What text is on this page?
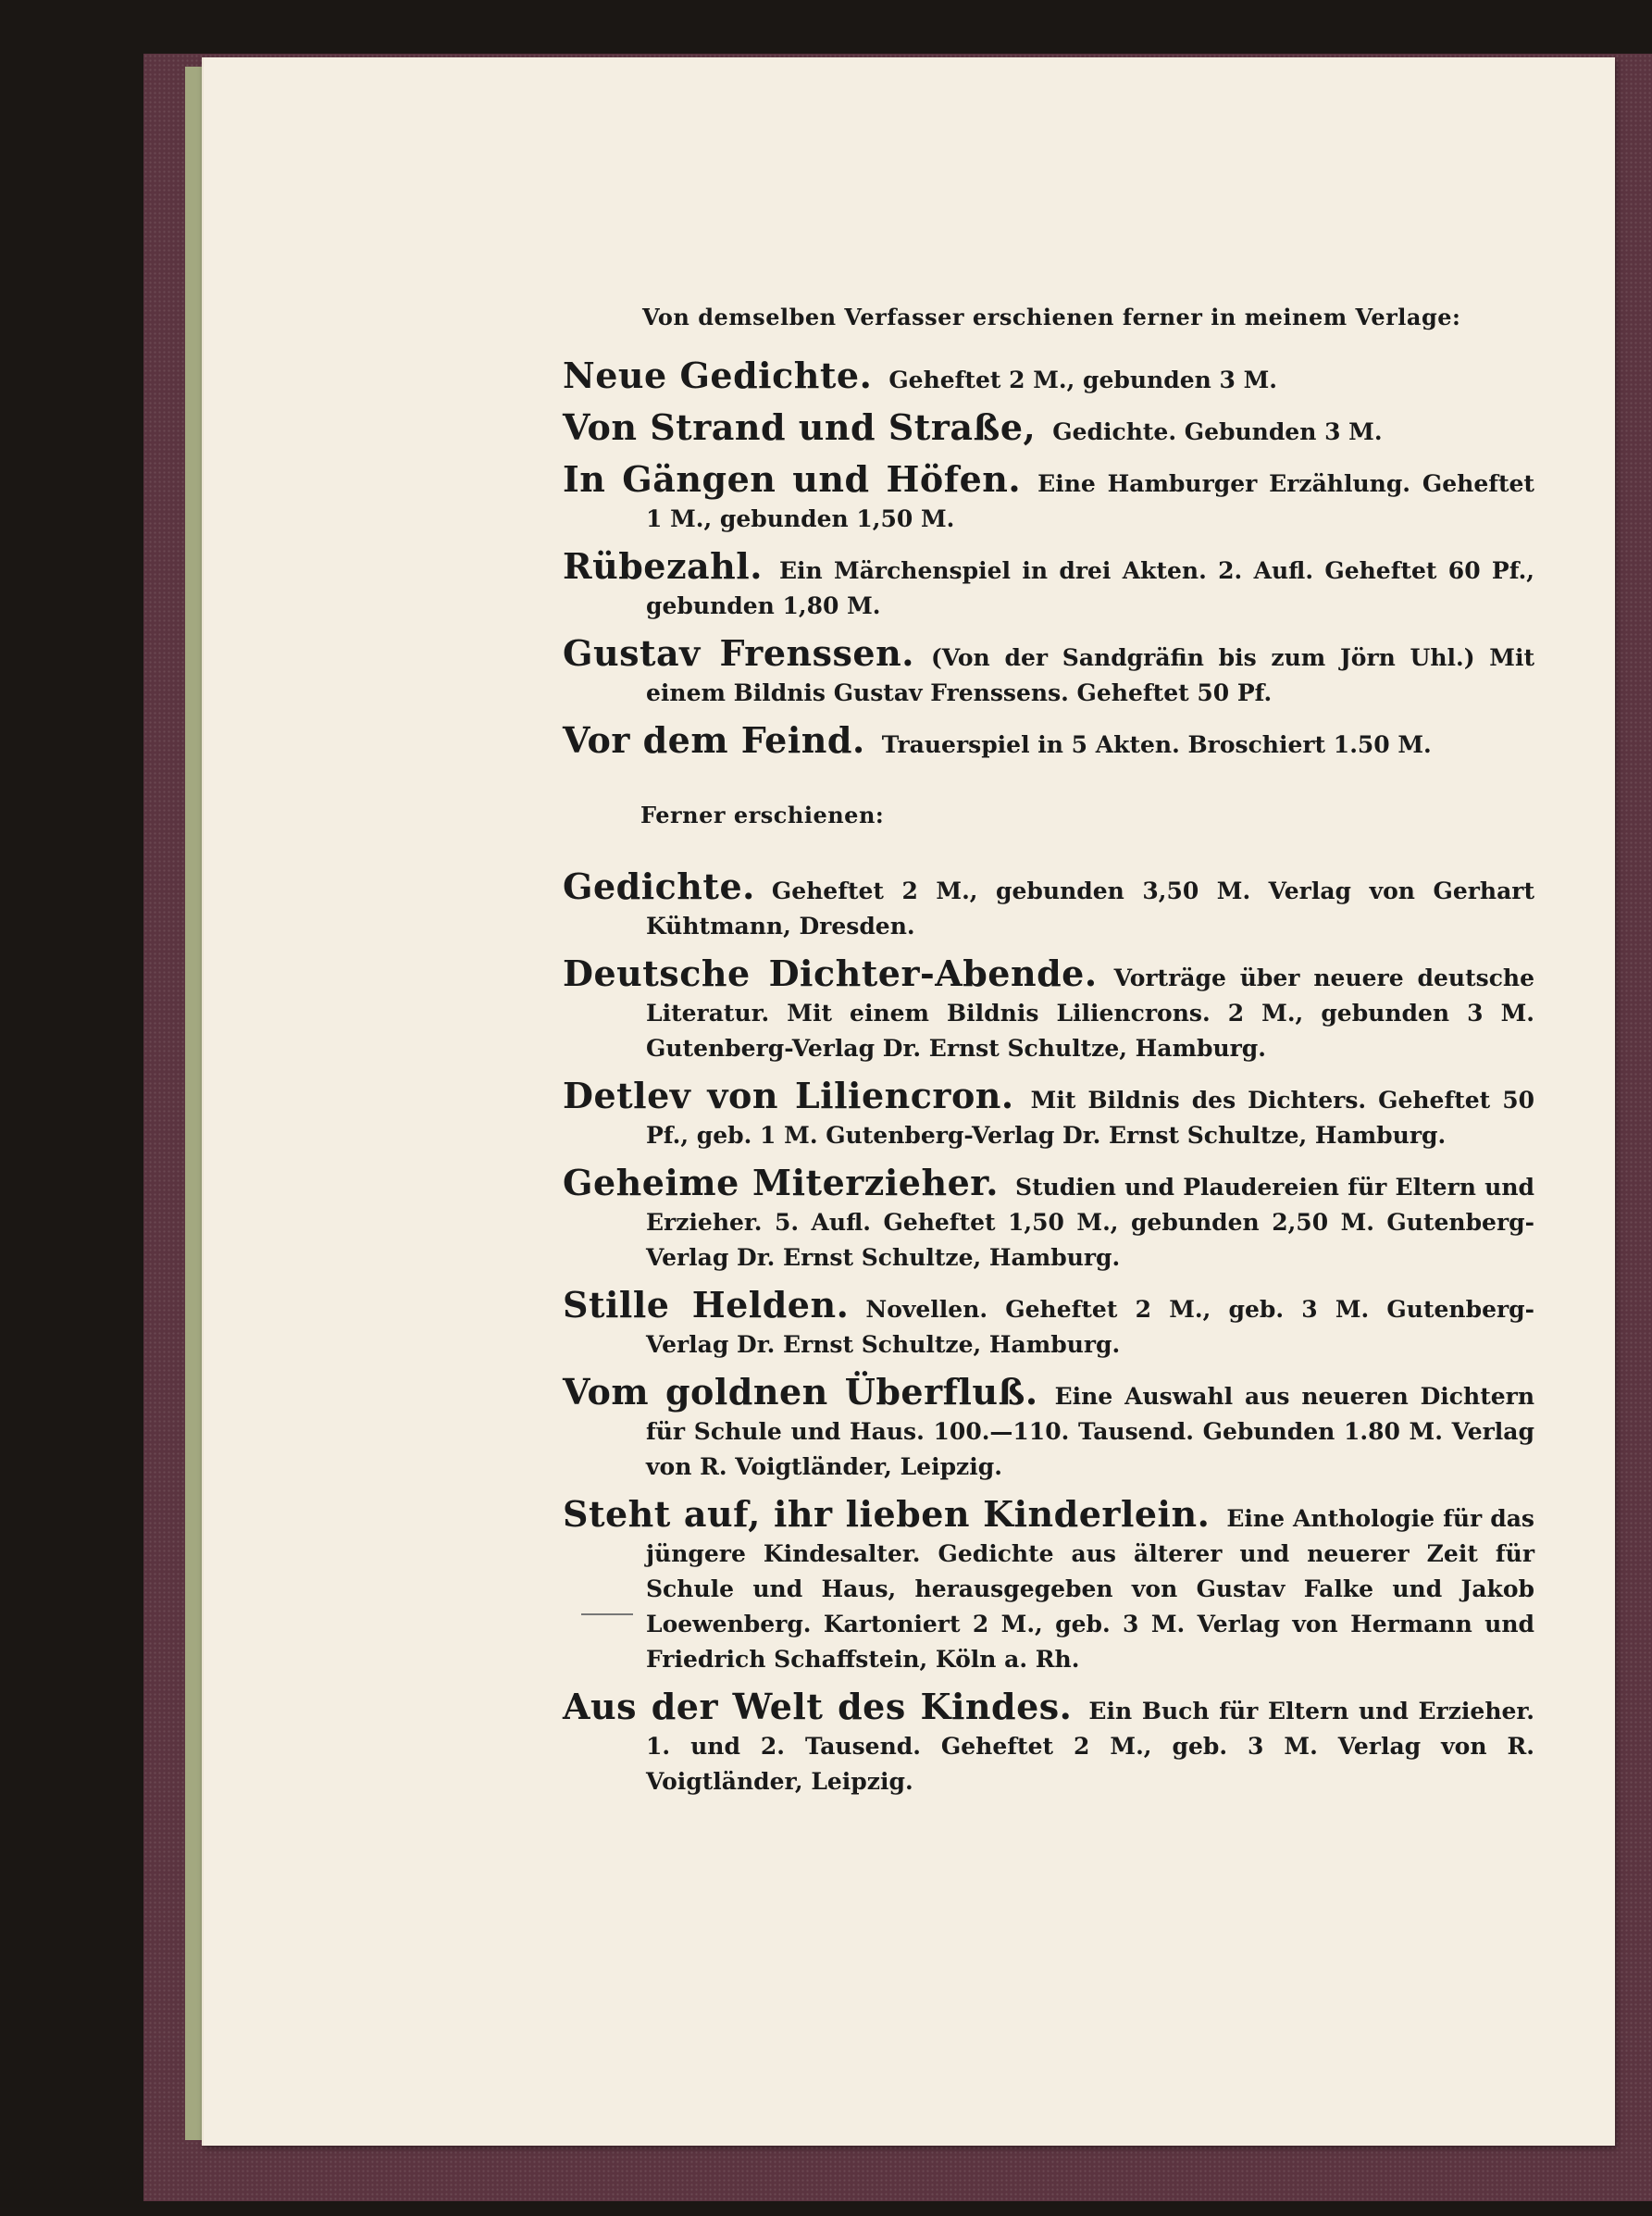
Von demselben Verfasser erschienen ferner in meinem Verlage:
Neue Gedichte. Geheftet 2 M., gebunden 3 M.
Von Strand und Straße, Gedichte. Gebunden 3 M.
In Gängen und Höfen. Eine Hamburger Erzählung. Geheftet 1 M., gebunden 1,50 M.
Rübezahl. Ein Märchenspiel in drei Akten. 2. Aufl. Geheftet 60 Pf., gebunden 1,80 M.
Gustav Frenssen. (Von der Sandgräfin bis zum Jörn Uhl.) Mit einem Bildnis Gustav Frenssens. Geheftet 50 Pf.
Vor dem Feind. Trauerspiel in 5 Akten. Broschiert 1.50 M.
Ferner erschienen:
Gedichte. Geheftet 2 M., gebunden 3,50 M. Verlag von Gerhart Kühtmann, Dresden.
Deutsche Dichter-Abende. Vorträge über neuere deutsche Literatur. Mit einem Bildnis Liliencrons. 2 M., gebunden 3 M. Gutenberg-Verlag Dr. Ernst Schultze, Hamburg.
Detlev von Liliencron. Mit Bildnis des Dichters. Geheftet 50 Pf., geb. 1 M. Gutenberg-Verlag Dr. Ernst Schultze, Hamburg.
Geheime Miterzieher. Studien und Plaudereien für Eltern und Erzieher. 5. Aufl. Geheftet 1,50 M., gebunden 2,50 M. Gutenberg-Verlag Dr. Ernst Schultze, Hamburg.
Stille Helden. Novellen. Geheftet 2 M., geb. 3 M. Gutenberg-Verlag Dr. Ernst Schultze, Hamburg.
Vom goldnen Überfluß. Eine Auswahl aus neueren Dichtern für Schule und Haus. 100.—110. Tausend. Gebunden 1.80 M. Verlag von R. Voigtländer, Leipzig.
Steht auf, ihr lieben Kinderlein. Eine Anthologie für das jüngere Kindesalter. Gedichte aus älterer und neuerer Zeit für Schule und Haus, herausgegeben von Gustav Falke und Jakob Loewenberg. Kartoniert 2 M., geb. 3 M. Verlag von Hermann und Friedrich Schaffstein, Köln a. Rh.
Aus der Welt des Kindes. Ein Buch für Eltern und Erzieher. 1. und 2. Tausend. Geheftet 2 M., geb. 3 M. Verlag von R. Voigtländer, Leipzig.
